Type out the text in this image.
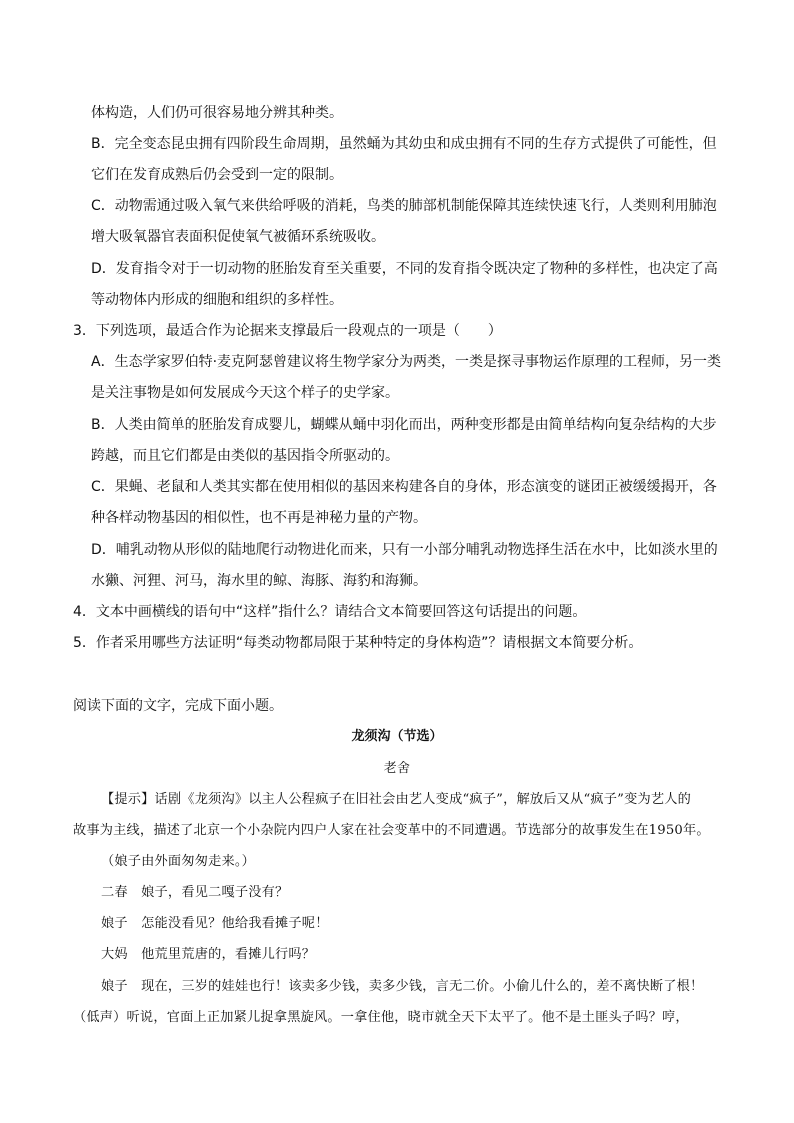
体构造，人们仍可很容易地分辨其种类。
B．完全变态昆虫拥有四阶段生命周期，虽然蛹为其幼虫和成虫拥有不同的生存方式提供了可能性，但
它们在发育成熟后仍会受到一定的限制。
C．动物需通过吸入氧气来供给呼吸的消耗，鸟类的肺部机制能保障其连续快速飞行，人类则利用肺泡
增大吸氧器官表面积促使氧气被循环系统吸收。
D．发育指令对于一切动物的胚胎发育至关重要，不同的发育指令既决定了物种的多样性，也决定了高
等动物体内形成的细胞和组织的多样性。
3．下列选项，最适合作为论据来支撑最后一段观点的一项是（　　）
A．生态学家罗伯特·麦克阿瑟曾建议将生物学家分为两类，一类是探寻事物运作原理的工程师，另一类
是关注事物是如何发展成今天这个样子的史学家。
B．人类由简单的胚胎发育成婴儿，蝴蝶从蛹中羽化而出，两种变形都是由简单结构向复杂结构的大步
跨越，而且它们都是由类似的基因指令所驱动的。
C．果蝇、老鼠和人类其实都在使用相似的基因来构建各自的身体，形态演变的谜团正被缓缓揭开，各
种各样动物基因的相似性，也不再是神秘力量的产物。
D．哺乳动物从形似的陆地爬行动物进化而来，只有一小部分哺乳动物选择生活在水中，比如淡水里的
水獭、河狸、河马，海水里的鲸、海豚、海豹和海狮。
4．文本中画横线的语句中“这样”指什么？请结合文本简要回答这句话提出的问题。
5．作者采用哪些方法证明“每类动物都局限于某种特定的身体构造”？请根据文本简要分析。
阅读下面的文字，完成下面小题。
龙须沟（节选）
老舍
【提示】话剧《龙须沟》以主人公程疯子在旧社会由艺人变成“疯子”，解放后又从“疯子”变为艺人的
故事为主线，描述了北京一个小杂院内四户人家在社会变革中的不同遭遇。节选部分的故事发生在1950年。
（娘子由外面匆匆走来。）
二春　娘子，看见二嘎子没有？
娘子　怎能没看见？他给我看摊子呢！
大妈　他荒里荒唐的，看摊儿行吗？
娘子　现在，三岁的娃娃也行！该卖多少钱，卖多少钱，言无二价。小偷儿什么的，差不离快断了根！
（低声）听说，官面上正加紧儿捉拿黑旋风。一拿住他，晓市就全天下太平了。他不是土匪头子吗？哼，
